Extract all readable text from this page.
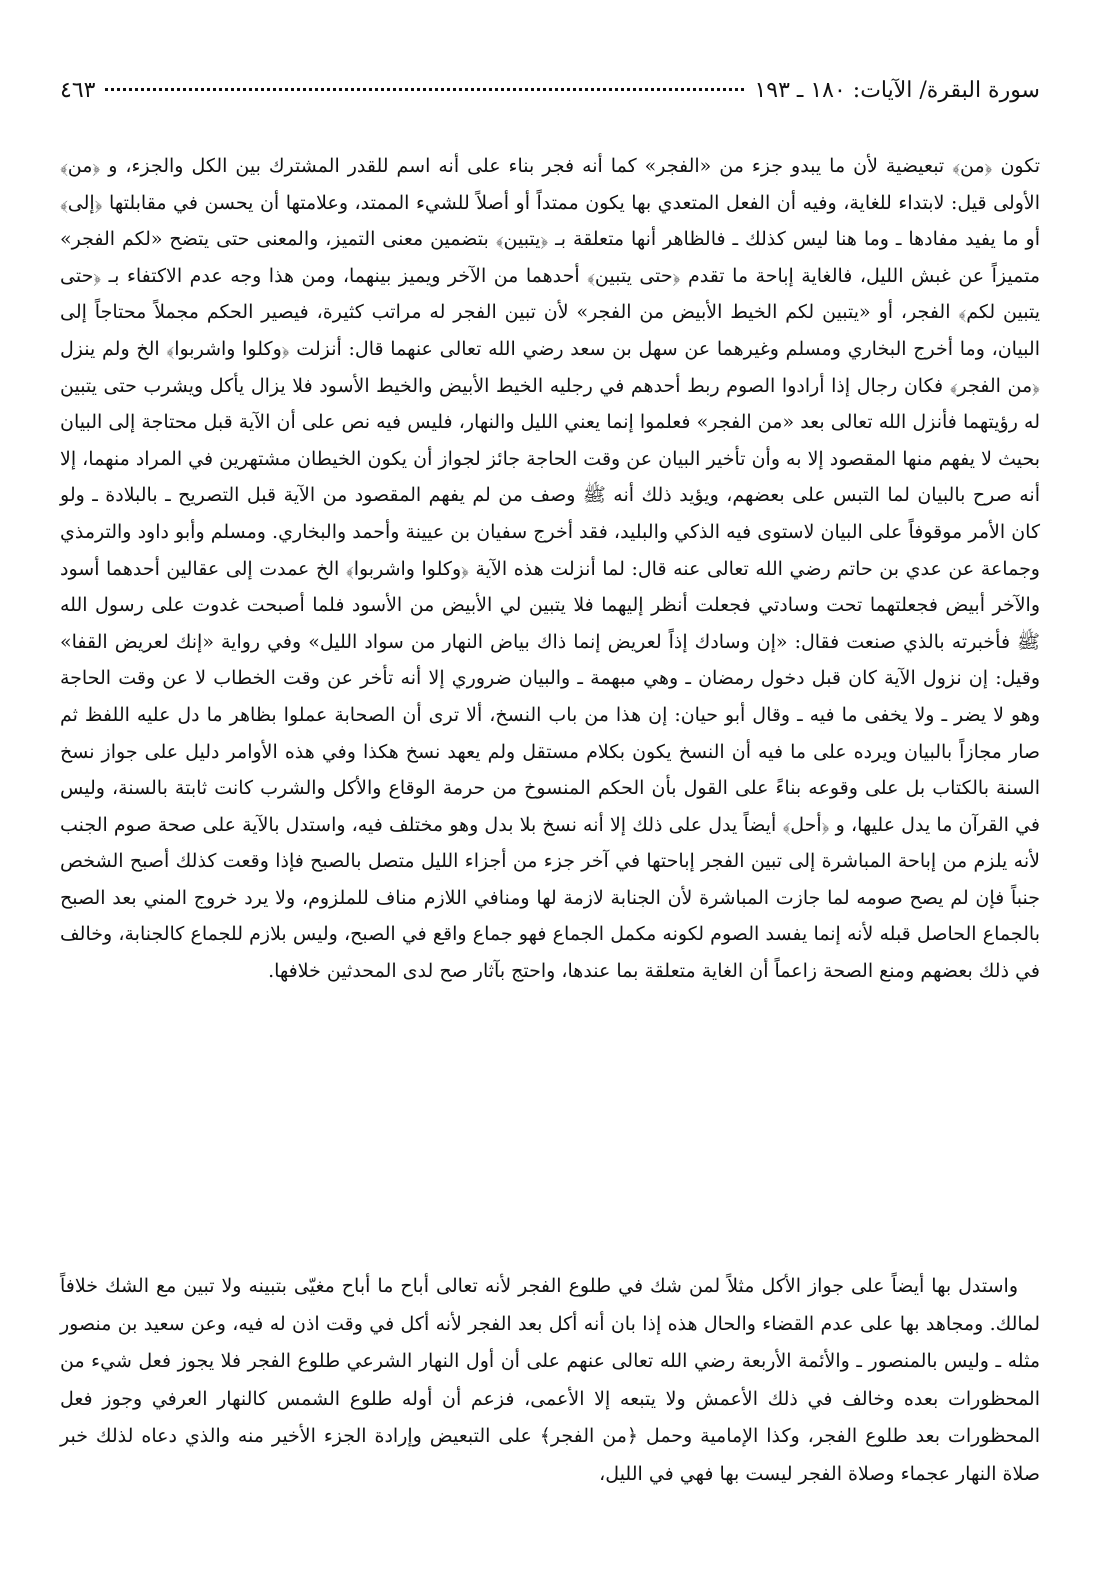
سورة البقرة/ الآيات: ١٨٠ ـ ١٩٣
٤٦٣

تكون ﴿من﴾ تبعيضية لأن ما يبدو جزء من «الفجر» كما أنه فجر بناء على أنه اسم للقدر المشترك بين الكل والجزء، و ﴿من﴾ الأولى قيل: لابتداء للغاية، وفيه أن الفعل المتعدي بها يكون ممتداً أو أصلاً للشيء الممتد، وعلامتها أن يحسن في مقابلتها ﴿إلى﴾ أو ما يفيد مفادها ـ وما هنا ليس كذلك ـ فالظاهر أنها متعلقة بـ ﴿يتبين﴾ بتضمين معنى التميز، والمعنى حتى يتضح «لكم الفجر» متميزاً عن غبش الليل، فالغاية إباحة ما تقدم ﴿حتى يتبين﴾ أحدهما من الآخر ويميز بينهما، ومن هذا وجه عدم الاكتفاء بـ ﴿حتى يتبين لكم﴾ الفجر، أو «يتبين لكم الخيط الأبيض من الفجر» لأن تبين الفجر له مراتب كثيرة، فيصير الحكم مجملاً محتاجاً إلى البيان، وما أخرج البخاري ومسلم وغيرهما عن سهل بن سعد رضي الله تعالى عنهما قال: أنزلت ﴿وكلوا واشربوا﴾ الخ ولم ينزل ﴿من الفجر﴾ فكان رجال إذا أرادوا الصوم ربط أحدهم في رجليه الخيط الأبيض والخيط الأسود فلا يزال يأكل ويشرب حتى يتبين له رؤيتهما فأنزل الله تعالى بعد «من الفجر» فعلموا إنما يعني الليل والنهار، فليس فيه نص على أن الآية قبل محتاجة إلى البيان بحيث لا يفهم منها المقصود إلا به وأن تأخير البيان عن وقت الحاجة جائز لجواز أن يكون الخيطان مشتهرين في المراد منهما، إلا أنه صرح بالبيان لما التبس على بعضهم، ويؤيد ذلك أنه ﷺ وصف من لم يفهم المقصود من الآية قبل التصريح ـ بالبلادة ـ ولو كان الأمر موقوفاً على البيان لاستوى فيه الذكي والبليد، فقد أخرج سفيان بن عيينة وأحمد والبخاري. ومسلم وأبو داود والترمذي وجماعة عن عدي بن حاتم رضي الله تعالى عنه قال: لما أنزلت هذه الآية ﴿وكلوا واشربوا﴾ الخ عمدت إلى عقالين أحدهما أسود والآخر أبيض فجعلتهما تحت وسادتي فجعلت أنظر إليهما فلا يتبين لي الأبيض من الأسود فلما أصبحت غدوت على رسول الله ﷺ فأخبرته بالذي صنعت فقال: «إن وسادك إذاً لعريض إنما ذاك بياض النهار من سواد الليل» وفي رواية «إنك لعريض القفا» وقيل: إن نزول الآية كان قبل دخول رمضان ـ وهي مبهمة ـ والبيان ضروري إلا أنه تأخر عن وقت الخطاب لا عن وقت الحاجة وهو لا يضر ـ ولا يخفى ما فيه ـ وقال أبو حيان: إن هذا من باب النسخ، ألا ترى أن الصحابة عملوا بظاهر ما دل عليه اللفظ ثم صار مجازاً بالبيان ويرده على ما فيه أن النسخ يكون بكلام مستقل ولم يعهد نسخ هكذا وفي هذه الأوامر دليل على جواز نسخ السنة بالكتاب بل على وقوعه بناءً على القول بأن الحكم المنسوخ من حرمة الوقاع والأكل والشرب كانت ثابتة بالسنة، وليس في القرآن ما يدل عليها، و ﴿أحل﴾ أيضاً يدل على ذلك إلا أنه نسخ بلا بدل وهو مختلف فيه، واستدل بالآية على صحة صوم الجنب لأنه يلزم من إباحة المباشرة إلى تبين الفجر إباحتها في آخر جزء من أجزاء الليل متصل بالصبح فإذا وقعت كذلك أصبح الشخص جنباً فإن لم يصح صومه لما جازت المباشرة لأن الجنابة لازمة لها ومنافي اللازم مناف للملزوم، ولا يرد خروج المني بعد الصبح بالجماع الحاصل قبله لأنه إنما يفسد الصوم لكونه مكمل الجماع فهو جماع واقع في الصبح، وليس بلازم للجماع كالجنابة، وخالف في ذلك بعضهم ومنع الصحة زاعماً أن الغاية متعلقة بما عندها، واحتج بآثار صح لدى المحدثين خلافها.

واستدل بها أيضاً على جواز الأكل مثلاً لمن شك في طلوع الفجر لأنه تعالى أباح ما أباح مغيّى بتبينه ولا تبين مع الشك خلافاً لمالك. ومجاهد بها على عدم القضاء والحال هذه إذا بان أنه أكل بعد الفجر لأنه أكل في وقت اذن له فيه، وعن سعيد بن منصور مثله ـ وليس بالمنصور ـ والأئمة الأربعة رضي الله تعالى عنهم على أن أول النهار الشرعي طلوع الفجر فلا يجوز فعل شيء من المحظورات بعده وخالف في ذلك الأعمش ولا يتبعه إلا الأعمى، فزعم أن أوله طلوع الشمس كالنهار العرفي وجوز فعل المحظورات بعد طلوع الفجر، وكذا الإمامية وحمل ﴿من الفجر﴾ على التبعيض وإرادة الجزء الأخير منه والذي دعاه لذلك خبر صلاة النهار عجماء وصلاة الفجر ليست بها فهي في الليل،
